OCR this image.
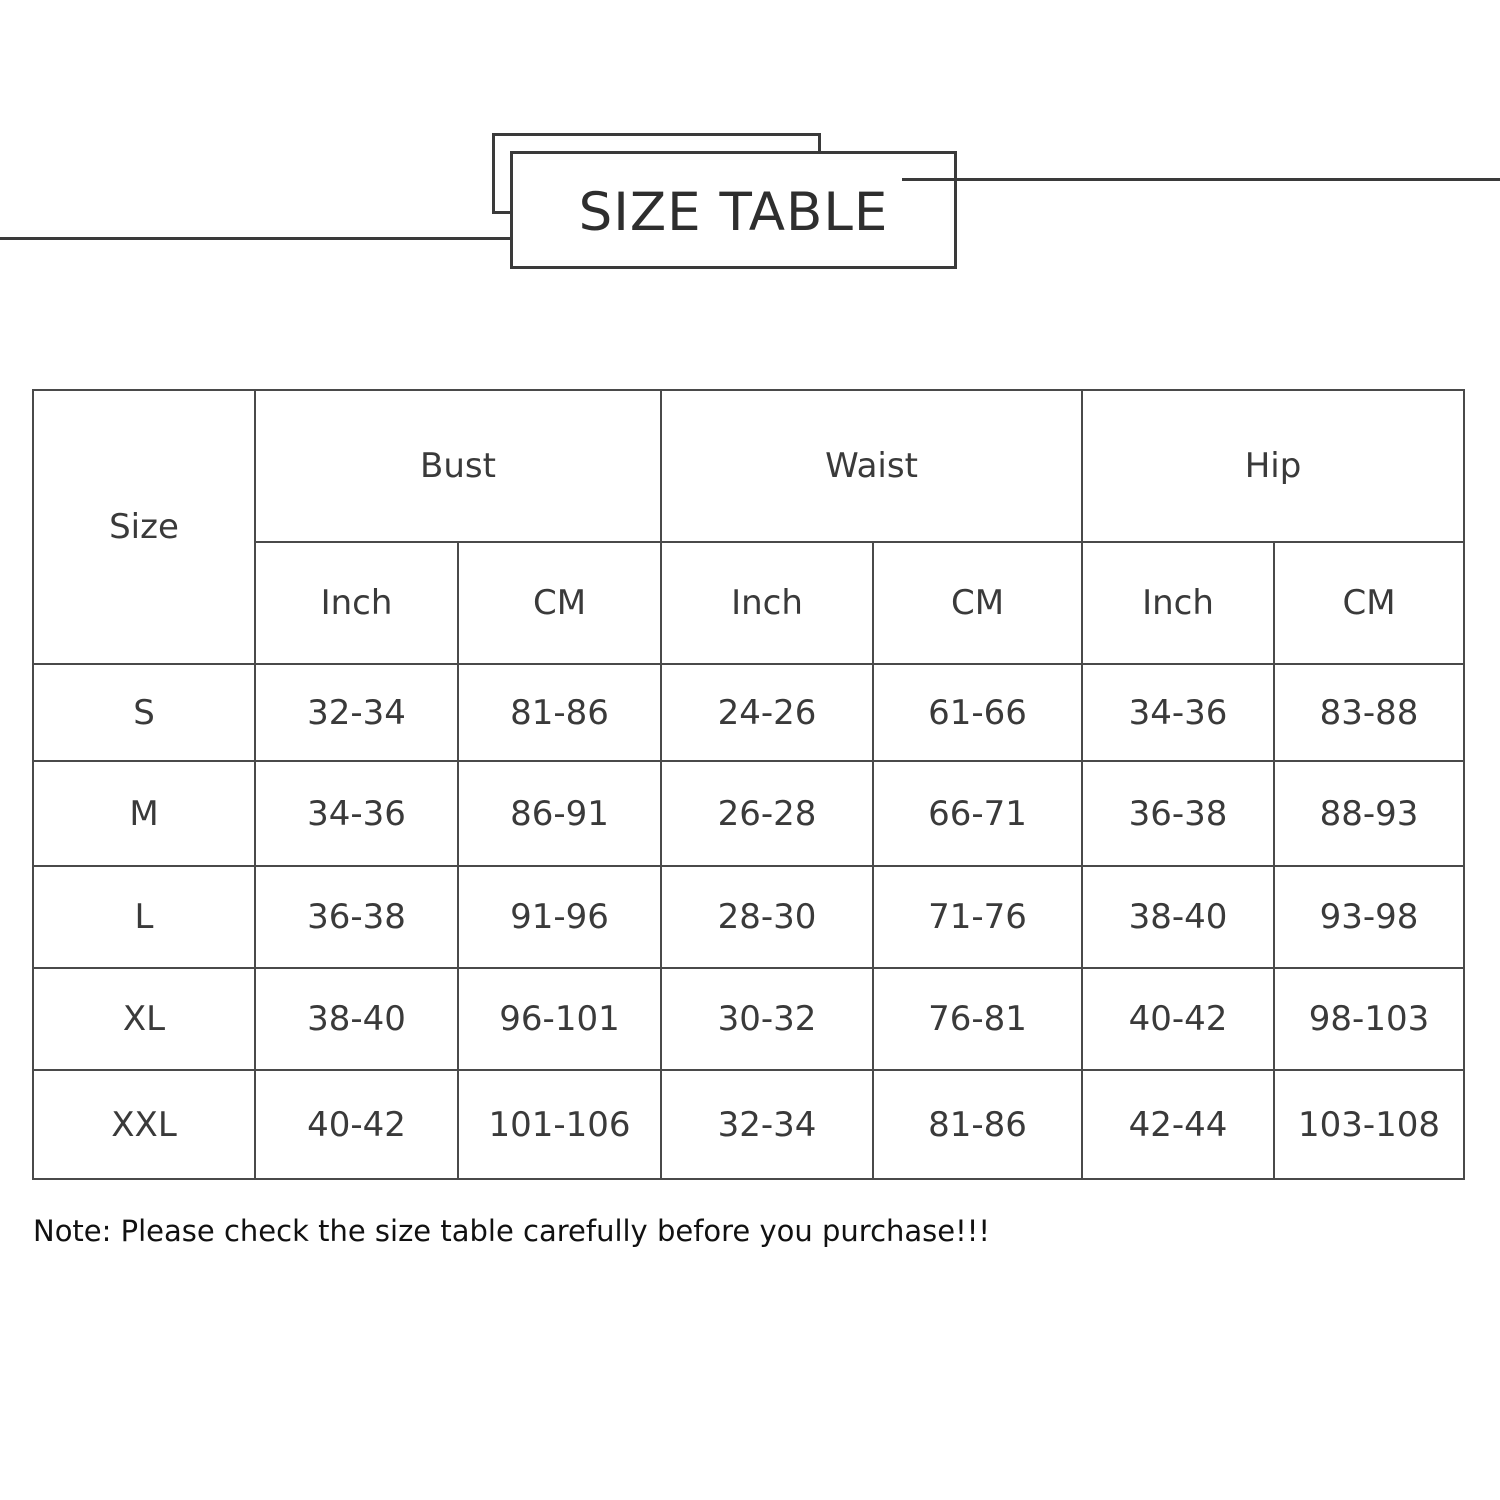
SIZE TABLE
Size	Bust		Waist		Hip	
	Inch	CM	Inch	CM	Inch	CM
S	32-34	81-86	24-26	61-66	34-36	83-88
M	34-36	86-91	26-28	66-71	36-38	88-93
L	36-38	91-96	28-30	71-76	38-40	93-98
XL	38-40	96-101	30-32	76-81	40-42	98-103
XXL	40-42	101-106	32-34	81-86	42-44	103-108
Note: Please check the size table carefully before you purchase!!!
